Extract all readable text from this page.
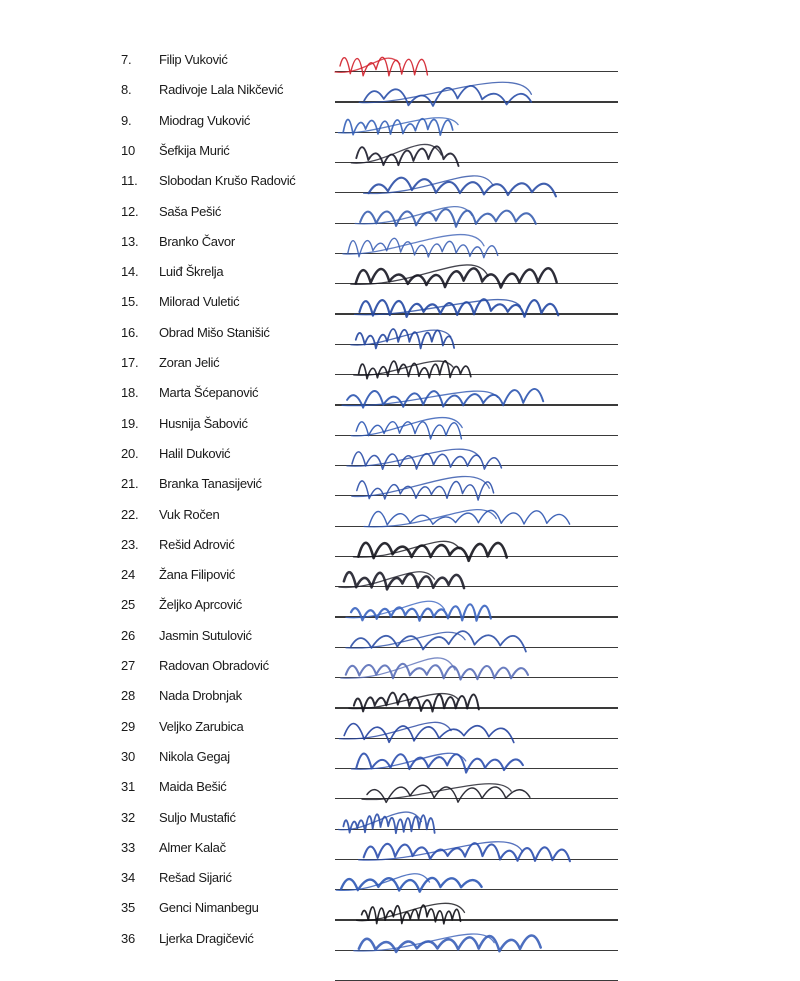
7. Filip Vuković
8. Radivoje Lala Nikčević
9. Miodrag Vuković
10 Šefkija Murić
11. Slobodan Krušo Radović
12. Saša Pešić
13. Branko Čavor
14. Luiđ Škrelja
15. Milorad Vuletić
16. Obrad Mišo Stanišić
17. Zoran Jelić
18. Marta Šćepanović
19. Husnija Šabović
20. Halil Duković
21. Branka Tanasijević
22. Vuk Ročen
23. Rešid Adrović
24 Žana Filipović
25 Željko Aprcović
26 Jasmin Sutulović
27 Radovan Obradović
28 Nada Drobnjak
29 Veljko Zarubica
30 Nikola Gegaj
31 Maida Bešić
32 Suljo Mustafić
33 Almer Kalač
34 Rešad Sijarić
35 Genci Nimanbegu
36 Ljerka Dragičević
